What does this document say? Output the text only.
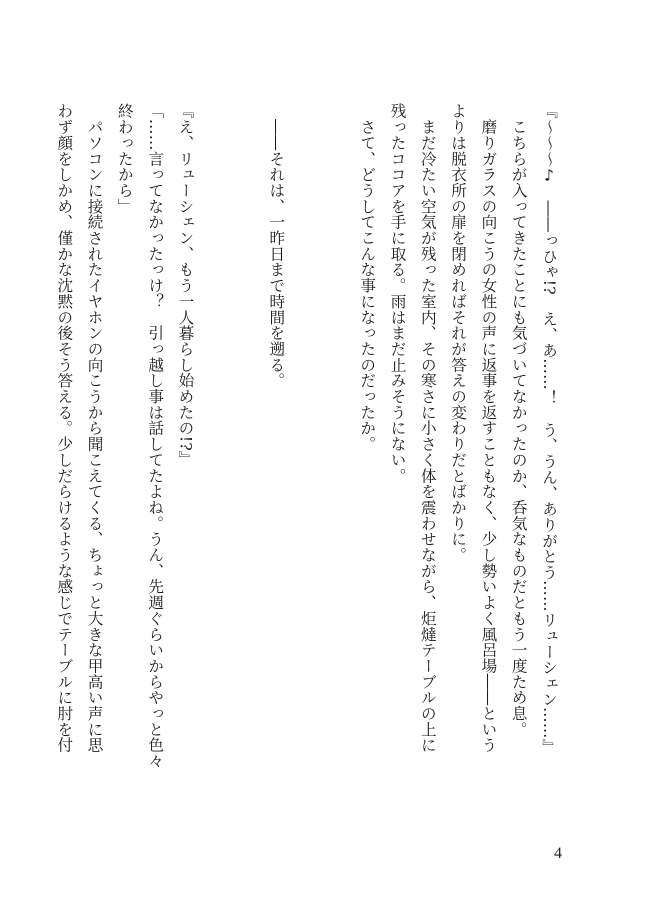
『～～～♪　――っひゃ!?　え、あ……！　う、うん、ありがとう……リューシェン……』
　こちらが入ってきたことにも気づいてなかったのか、呑気なものだともう一度ため息。
　磨りガラスの向こうの女性の声に返事を返すこともなく、少し勢いよく風呂場――という
よりは脱衣所の扉を閉めればそれが答えの変わりだとばかりに。
　まだ冷たい空気が残った室内、その寒さに小さく体を震わせながら、炬燵テーブルの上に
残ったココアを手に取る。雨はまだ止みそうにない。
　さて、どうしてこんな事になったのだったか。
　――それは、一昨日まで時間を遡る。
『え、リューシェン、もう一人暮らし始めたの!?』
「……言ってなかったっけ？　引っ越し事は話してたよね。うん、先週ぐらいからやっと色々
終わったから」
　パソコンに接続されたイヤホンの向こうから聞こえてくる、ちょっと大きな甲高い声に思
わず顔をしかめ、僅かな沈黙の後そう答える。少しだらけるような感じでテーブルに肘を付
4
